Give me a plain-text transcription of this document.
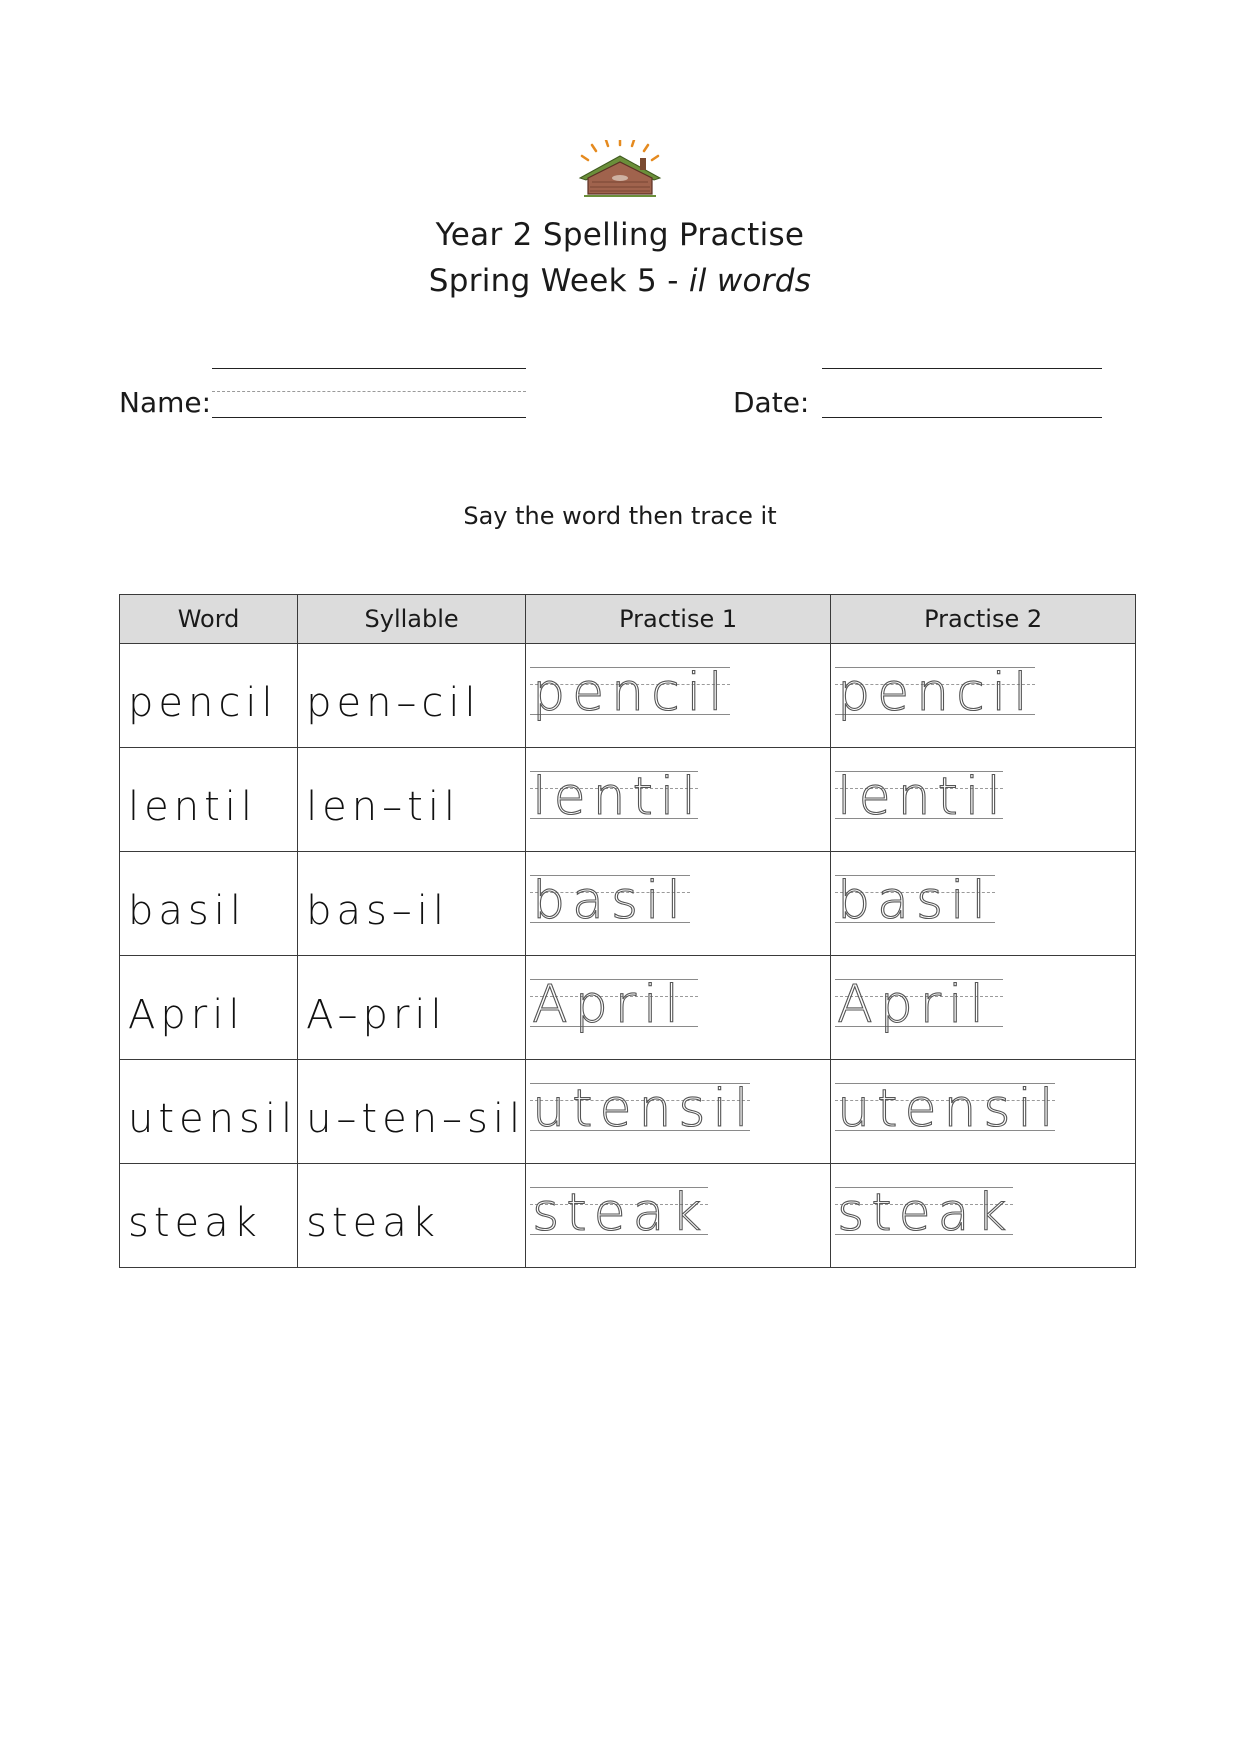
Year 2 Spelling Practise
Spring Week 5 - il words
Name:	Date:
Say the word then trace it
Word	Syllable	Practise 1	Practise 2
pencil	pen–cil	pencil	pencil

lentil	len–til	lentil	lentil

basil	bas–il	basil	basil

April	A–pril	April	April

utensil	u–ten–sil	utensil	utensil

steak	steak	steak	steak
